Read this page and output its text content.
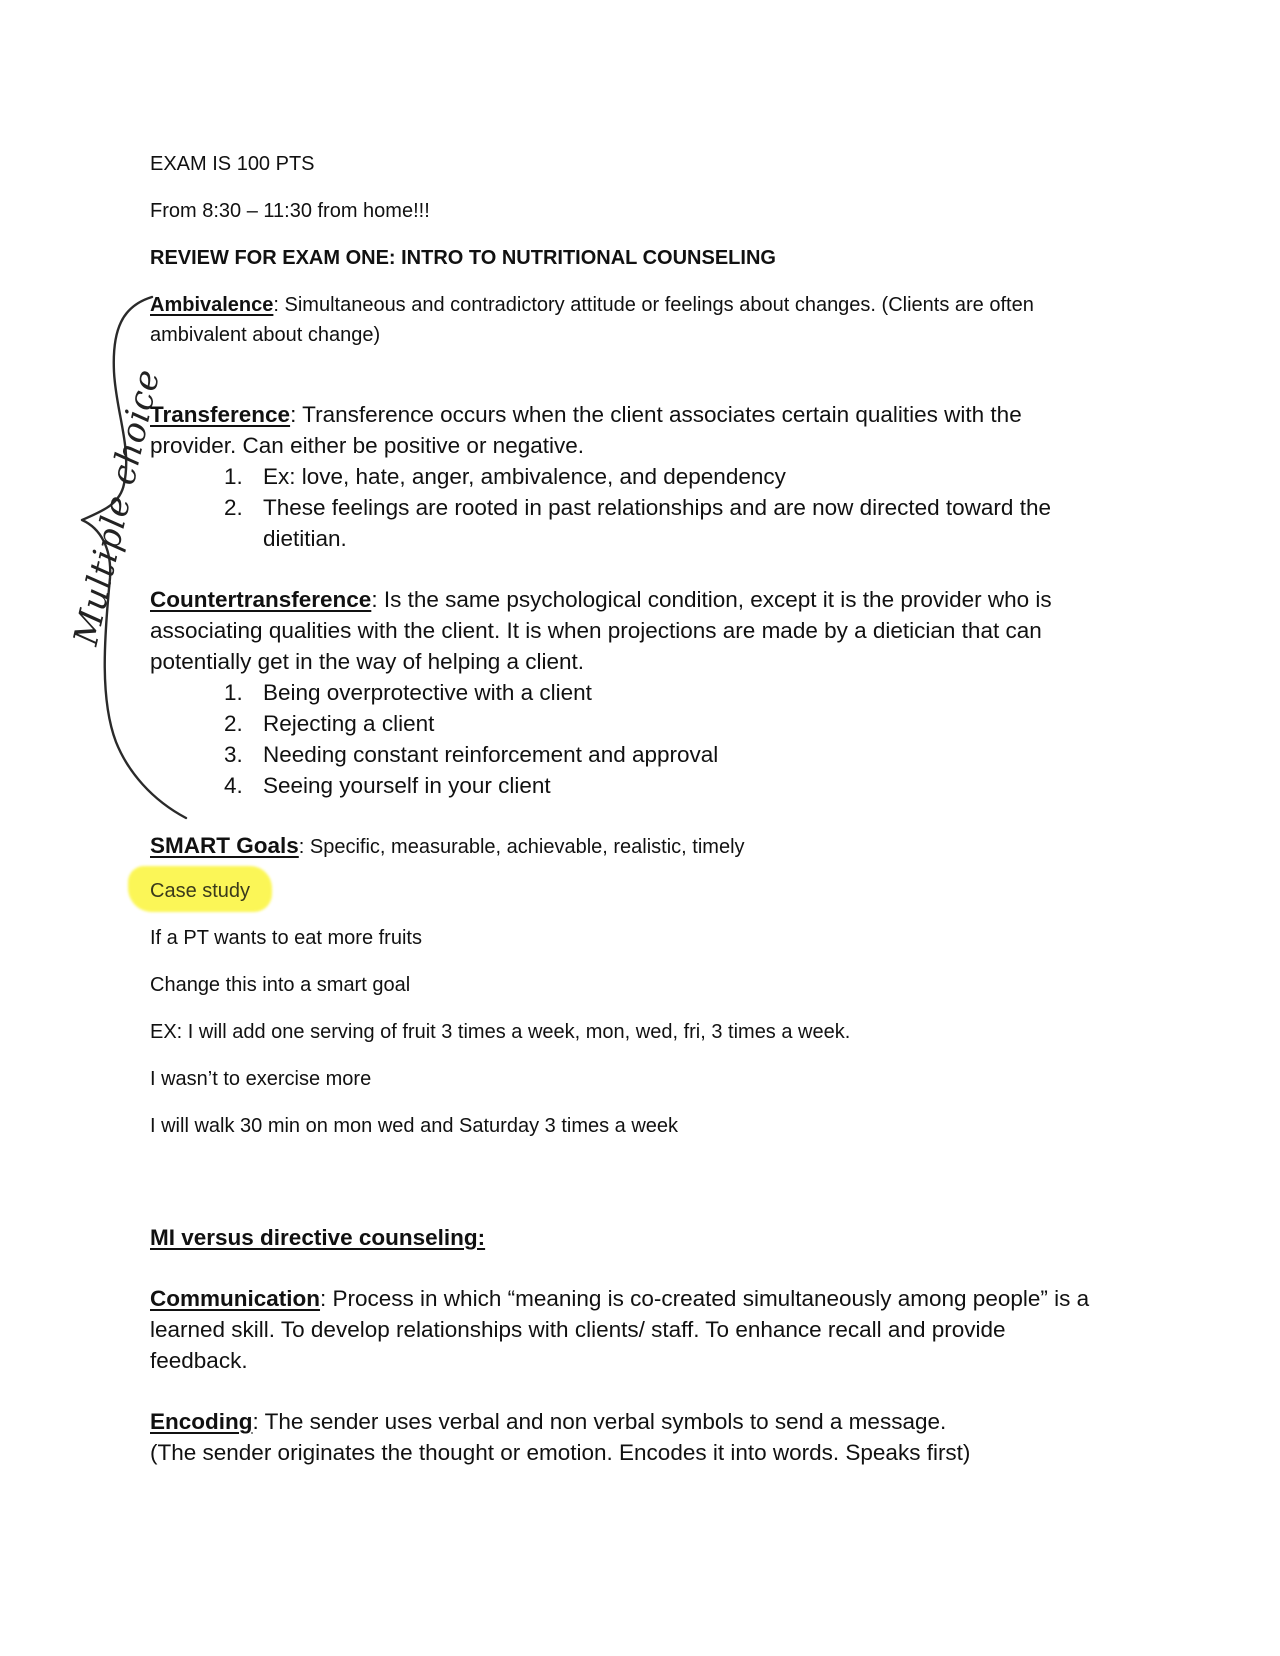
EXAM IS 100 PTS
From 8:30 – 11:30 from home!!!
REVIEW FOR EXAM ONE: INTRO TO NUTRITIONAL COUNSELING
Multiple choice
Ambivalence: Simultaneous and contradictory attitude or feelings about changes. (Clients are often
ambivalent about change)
Transference: Transference occurs when the client associates certain qualities with the
provider. Can either be positive or negative.
1. Ex: love, hate, anger, ambivalence, and dependency
2. These feelings are rooted in past relationships and are now directed toward the
dietitian.
Countertransference: Is the same psychological condition, except it is the provider who is
associating qualities with the client. It is when projections are made by a dietician that can
potentially get in the way of helping a client.
1. Being overprotective with a client
2. Rejecting a client
3. Needing constant reinforcement and approval
4. Seeing yourself in your client
SMART Goals: Specific, measurable, achievable, realistic, timely
Case study
If a PT wants to eat more fruits
Change this into a smart goal
EX: I will add one serving of fruit 3 times a week, mon, wed, fri, 3 times a week.
I wasn’t to exercise more
I will walk 30 min on mon wed and Saturday 3 times a week
MI versus directive counseling:
Communication: Process in which “meaning is co-created simultaneously among people” is a
learned skill. To develop relationships with clients/ staff. To enhance recall and provide
feedback.
Encoding: The sender uses verbal and non verbal symbols to send a message.
(The sender originates the thought or emotion. Encodes it into words. Speaks first)
